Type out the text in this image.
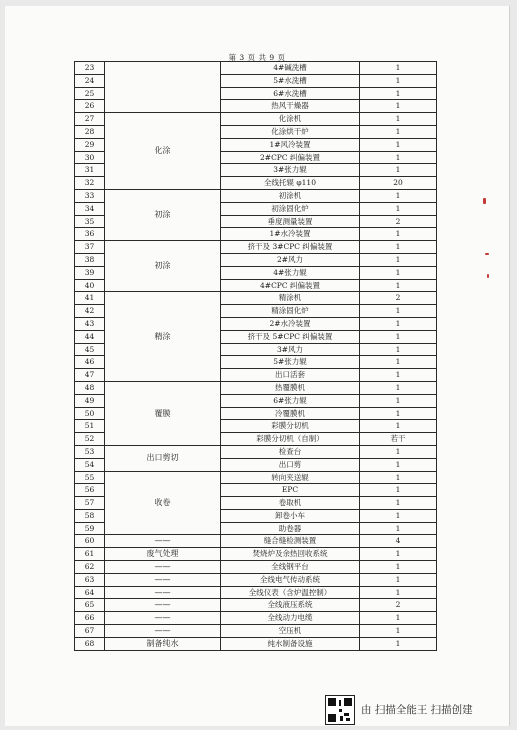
第 3 页 共 9 页
23		4#碱洗槽	1
24		5#水洗槽	1
25		6#水洗槽	1
26		热风干燥器	1
27	化涂	化涂机	1
28		化涂烘干炉	1
29		1#风冷装置	1
30		2#CPC 纠偏装置	1
31		3#张力辊	1
32		全线托辊 φ110	20
33	初涂	初涂机	1
34		初涂固化炉	1
35		垂度测量装置	2
36		1#水冷装置	1
37	初涂	挤干及 3#CPC 纠偏装置	1
38		2#风力	1
39		4#张力辊	1
40		4#CPC 纠偏装置	1
41	精涂	精涂机	2
42		精涂固化炉	1
43		2#水冷装置	1
44		挤干及 5#CPC 纠偏装置	1
45		3#风力	1
46		5#张力辊	1
47		出口活套	1
48	覆膜	热覆膜机	1
49		6#张力辊	1
50		冷覆膜机	1
51		彩膜分切机	1
52		彩膜分切机（自制）	若干
53	出口剪切	检查台	1
54		出口剪	1
55	收卷	转向夹送辊	1
56		EPC	1
57		卷取机	1
58		卸卷小车	1
59		助卷器	1
60	——	缝合缝检测装置	4
61	废气处理	焚烧炉及余热回收系统	1
62	——	全线钢平台	1
63	——	全线电气传动系统	1
64	——	全线仪表（含炉温控制）	1
65	——	全线液压系统	2
66	——	全线动力电缆	1
67	——	空压机	1
68	制备纯水	纯水制备设施	1
由 扫描全能王 扫描创建
